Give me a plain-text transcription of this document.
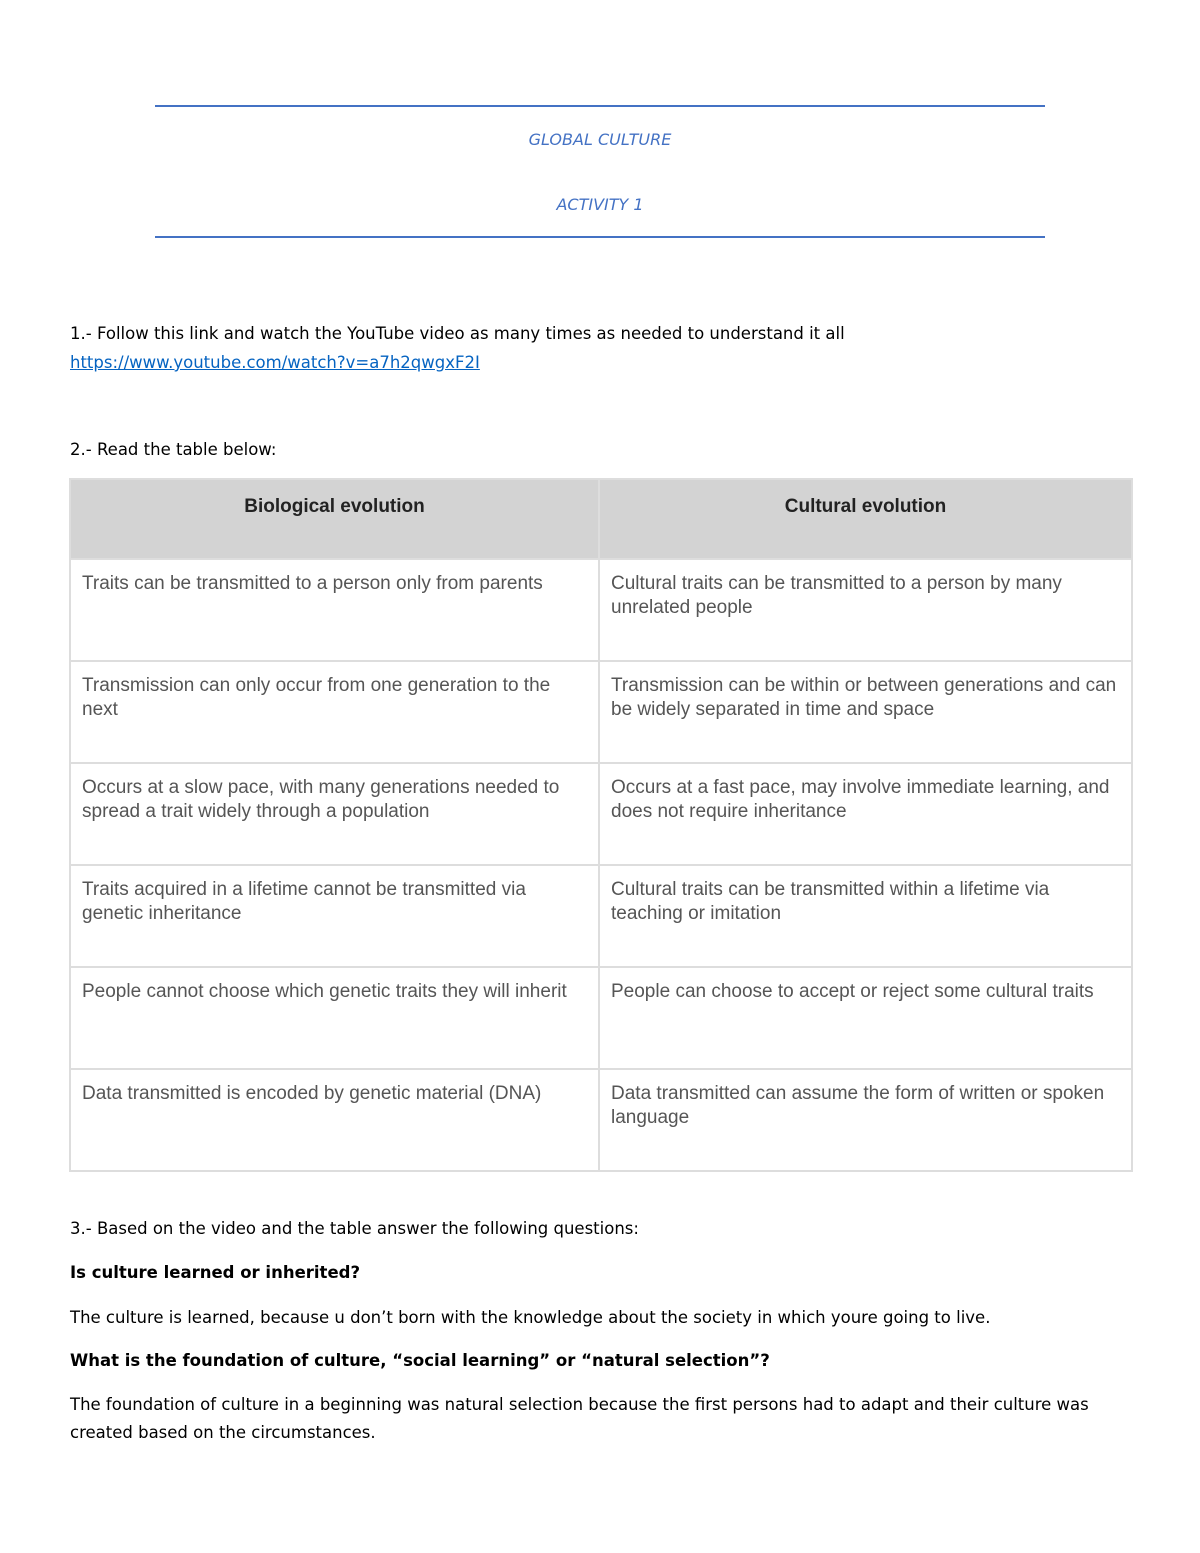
GLOBAL CULTURE
ACTIVITY 1
1.- Follow this link and watch the YouTube video as many times as needed to understand it all
https://www.youtube.com/watch?v=a7h2qwgxF2I
2.- Read the table below:
Biological evolution	Cultural evolution
Traits can be transmitted to a person only from parents	Cultural traits can be transmitted to a person by many unrelated people
Transmission can only occur from one generation to the next	Transmission can be within or between generations and can be widely separated in time and space
Occurs at a slow pace, with many generations needed to spread a trait widely through a population	Occurs at a fast pace, may involve immediate learning, and does not require inheritance
Traits acquired in a lifetime cannot be transmitted via genetic inheritance	Cultural traits can be transmitted within a lifetime via teaching or imitation
People cannot choose which genetic traits they will inherit	People can choose to accept or reject some cultural traits
Data transmitted is encoded by genetic material (DNA)	Data transmitted can assume the form of written or spoken language
3.- Based on the video and the table answer the following questions:
Is culture learned or inherited?
The culture is learned, because u don’t born with the knowledge about the society in which youre going to live.
What is the foundation of culture, “social learning” or “natural selection”?
The foundation of culture in a beginning was natural selection because the first persons had to adapt and their culture was created based on the circumstances.
